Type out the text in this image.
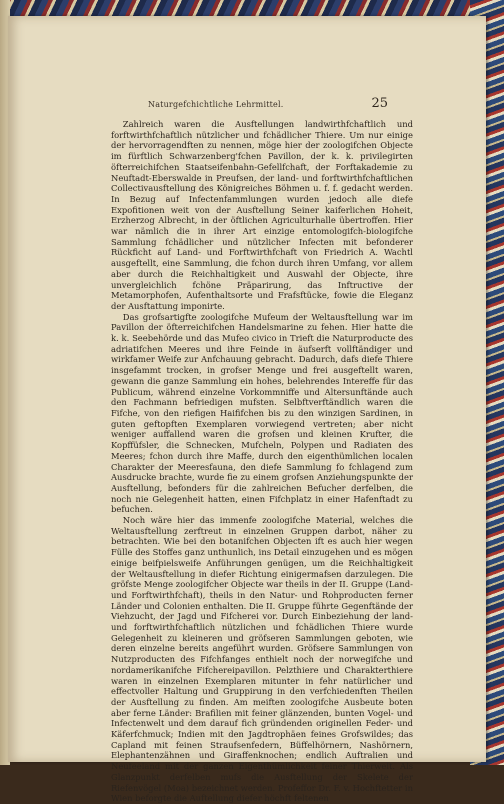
Naturgefchichtliche Lehrmittel.	25

Zahlreich waren die Ausftellungen landwirthfchaftlich und forftwirthfchaftlich nützlicher und fchädlicher Thiere. Um nur einige der hervorragendften zu nennen, möge hier der zoologifchen Objecte im fürftlich Schwarzenberg'fchen Pavillon, der k. k. privilegirten öfterreichifchen Staatseifenbahn-Gefellfchaft, der Forftakademie zu Neuftadt-Eberswalde in Preufsen, der land- und forftwirthfchaftlichen Collectivausftellung des Königreiches Böhmen u. f. f. gedacht werden. In Bezug auf Infectenfammlungen wurden jedoch alle diefe Expofitionen weit von der Ausftellung Seiner kaiferlichen Hoheit, Erzherzog Albrecht, in der öftlichen Agriculturhalle übertroffen. Hier war nämlich die in ihrer Art einzige entomologifch-biologifche Sammlung fchädlicher und nützlicher Infecten mit befonderer Rückficht auf Land- und Forftwirthfchaft von Friedrich A. Wachtl ausgeftellt, eine Sammlung, die fchon durch ihren Umfang, vor allem aber durch die Reichhaltigkeit und Auswahl der Objecte, ihre unvergleichlich fchöne Präparirung, das Inftructive der Metamorphofen, Aufenthaltsorte und Frafsftücke, fowie die Eleganz der Ausftattung imponirte.

Das grofsartigfte zoologifche Mufeum der Weltausftellung war im Pavillon der öfterreichifchen Handelsmarine zu fehen. Hier hatte die k. k. Seebehörde und das Mufeo civico in Trieft die Naturproducte des adriatifchen Meeres und ihre Feinde in äufserft vollftändiger und wirkfamer Weife zur Anfchauung gebracht. Dadurch, dafs diefe Thiere insgefammt trocken, in grofser Menge und frei ausgeftellt waren, gewann die ganze Sammlung ein hohes, belehrendes Intereffe für das Publicum, während einzelne Vorkommniffe und Altersunftände auch den Fachmann befriedigen mufsten. Selbftverftändlich waren die Fifche, von den riefigen Haififchen bis zu den winzigen Sardinen, in guten geftopften Exemplaren vorwiegend vertreten; aber nicht weniger auffallend waren die grofsen und kleinen Krufter, die Kopffüfsler, die Schnecken, Mufcheln, Polypen und Radiaten des Meeres; fchon durch ihre Maffe, durch den eigenthümlichen localen Charakter der Meeresfauna, den diefe Sammlung fo fchlagend zum Ausdrucke brachte, wurde fie zu einem grofsen Anziehungspunkte der Ausftellung, befonders für die zahlreichen Befucher derfelben, die noch nie Gelegenheit hatten, einen Fifchplatz in einer Hafenftadt zu befuchen.

Noch wäre hier das immenfe zoologifche Material, welches die Weltausftellung zerftreut in einzelnen Gruppen darbot, näher zu betrachten. Wie bei den botanifchen Objecten ift es auch hier wegen Fülle des Stoffes ganz unthunlich, ins Detail einzugehen und es mögen einige beifpielsweife Anführungen genügen, um die Reichhaltigkeit der Weltausftellung in diefer Richtung einigermafsen darzulegen. Die gröfste Menge zoologifcher Objecte war theils in der II. Gruppe (Land- und Forftwirthfchaft), theils in den Natur- und Rohproducten ferner Länder und Colonien enthalten. Die II. Gruppe führte Gegenftände der Viehzucht, der Jagd und Fifcherei vor. Durch Einbeziehung der land- und forftwirthfchaftlich nützlichen und fchädlichen Thiere wurde Gelegenheit zu kleineren und gröfseren Sammlungen geboten, wie deren einzelne bereits angeführt wurden. Gröfsere Sammlungen von Nutzproducten des Fifchfanges enthielt noch der norwegifche und nordamerikanifche Fifchereipavillon. Pelzthiere und Charakterthiere waren in einzelnen Exemplaren mitunter in fehr natürlicher und effectvoller Haltung und Gruppirung in den verfchiedenften Theilen der Ausftellung zu finden. Am meiften zoologifche Ausbeute boten aber ferne Länder: Brafilien mit feiner glänzenden, bunten Vogel- und Infectenwelt und dem darauf fich gründenden originellen Feder- und Käferfchmuck; Indien mit den Jagdtrophäen feines Grofswildes; das Capland mit feinen Straufsenfedern, Büffelhörnern, Nashörnern, Elephantenzähnen und Giraffenknochen; endlich Auftralien und Neufeeland mit der ganzen Eigenthümlichkeit feiner Thierwelt. Als Glanzpunkt derfelben mufs die Ausftellung der Skelete der Riefenvögel (Moa) bezeichnet werden. Profeffor Dr. F. v. Hochftetter in Wien beforgte die Auftellung diefer höchft feltenen
